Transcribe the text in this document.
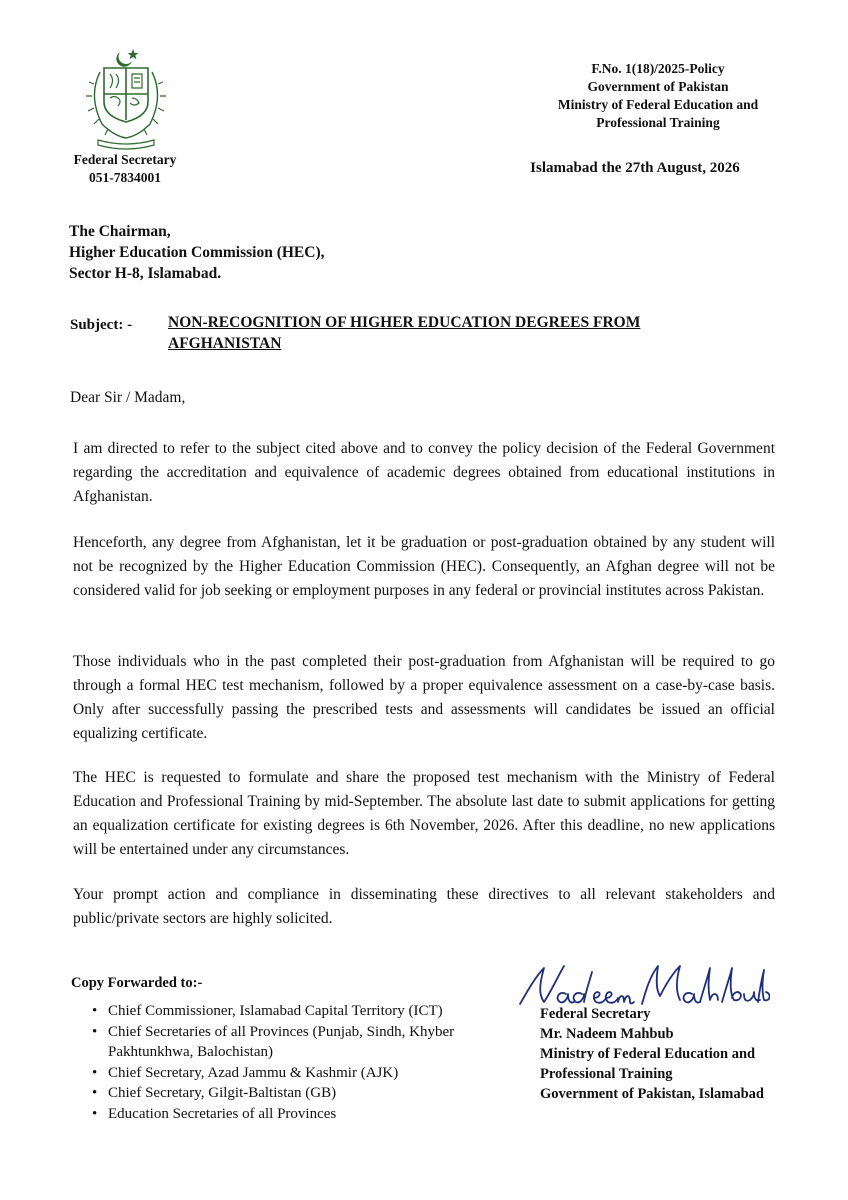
Federal Secretary
051-7834001
F.No. 1(18)/2025-Policy
Government of Pakistan
Ministry of Federal Education and
Professional Training
Islamabad the 27th August, 2026
The Chairman,
Higher Education Commission (HEC),
Sector H-8, Islamabad.
Subject: - NON-RECOGNITION OF HIGHER EDUCATION DEGREES FROM AFGHANISTAN
Dear Sir / Madam,
I am directed to refer to the subject cited above and to convey the policy decision of the Federal Government regarding the accreditation and equivalence of academic degrees obtained from educational institutions in Afghanistan.
Henceforth, any degree from Afghanistan, let it be graduation or post-graduation obtained by any student will not be recognized by the Higher Education Commission (HEC). Consequently, an Afghan degree will not be considered valid for job seeking or employment purposes in any federal or provincial institutes across Pakistan.
Those individuals who in the past completed their post-graduation from Afghanistan will be required to go through a formal HEC test mechanism, followed by a proper equivalence assessment on a case-by-case basis. Only after successfully passing the prescribed tests and assessments will candidates be issued an official equalizing certificate.
The HEC is requested to formulate and share the proposed test mechanism with the Ministry of Federal Education and Professional Training by mid-September. The absolute last date to submit applications for getting an equalization certificate for existing degrees is 6th November, 2026. After this deadline, no new applications will be entertained under any circumstances.
Your prompt action and compliance in disseminating these directives to all relevant stakeholders and public/private sectors are highly solicited.
Copy Forwarded to:-
• Chief Commissioner, Islamabad Capital Territory (ICT)
• Chief Secretaries of all Provinces (Punjab, Sindh, Khyber Pakhtunkhwa, Balochistan)
• Chief Secretary, Azad Jammu & Kashmir (AJK)
• Chief Secretary, Gilgit-Baltistan (GB)
• Education Secretaries of all Provinces
Federal Secretary
Mr. Nadeem Mahbub
Ministry of Federal Education and
Professional Training
Government of Pakistan, Islamabad
